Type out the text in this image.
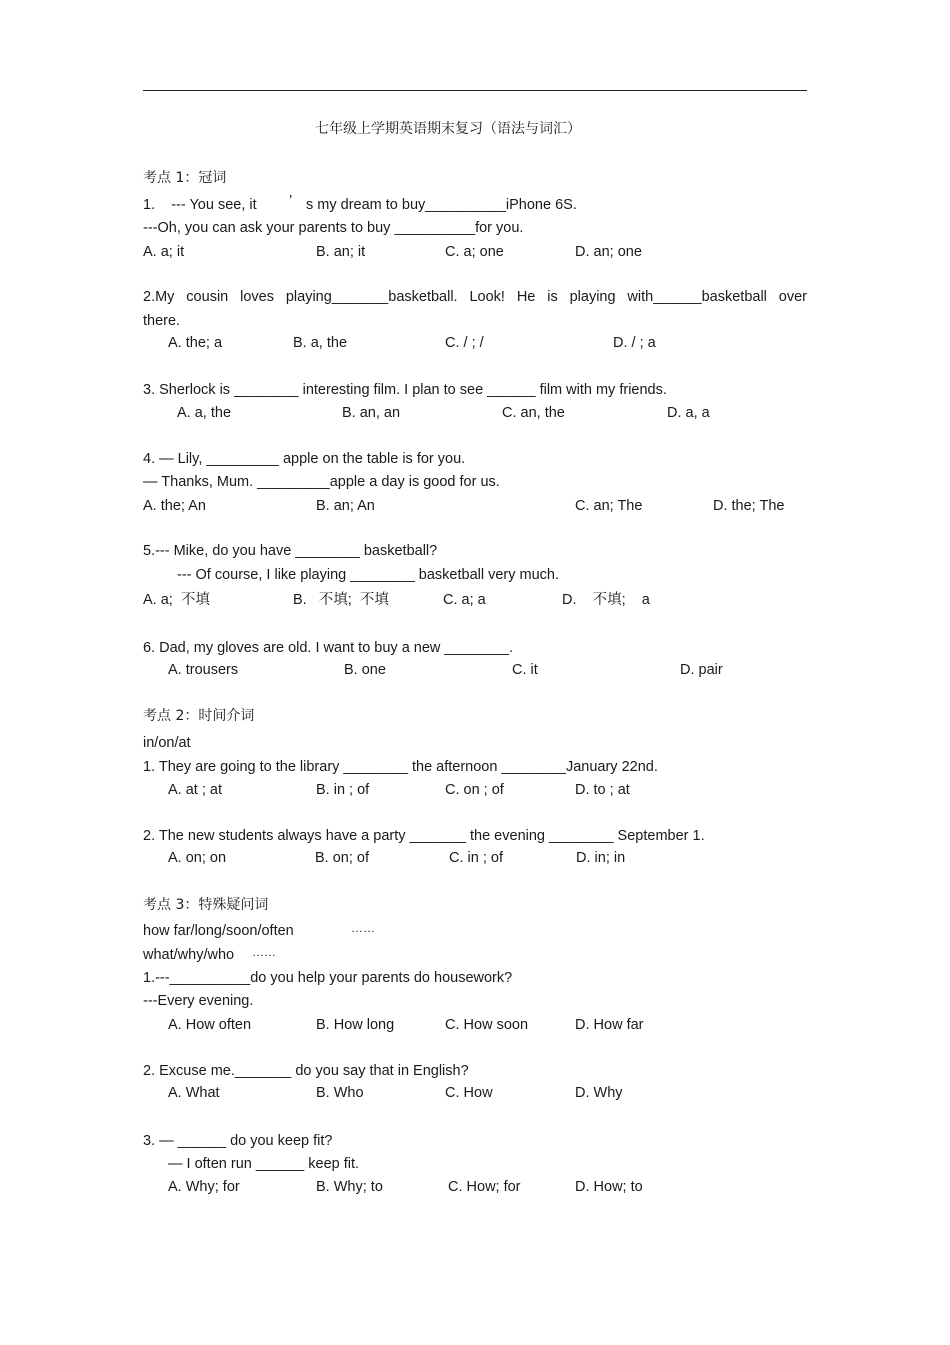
七年级上学期英语期末复习（语法与词汇）
考点 1：冠词
1.    --- You see, it ’ s my dream to buy__________iPhone 6S.
---Oh, you can ask your parents to buy __________for you.
A. a; it	B. an; it	C. a; one	D. an; one
2.My cousin loves playing_______basketball. Look! He is playing with______basketball over
there.
A. the; a	B. a, the	C. / ; /	D. / ; a
3. Sherlock is ________ interesting film. I plan to see ______ film with my friends.
A. a, the	B. an, an	C. an, the	D. a, a
4. — Lily, _________ apple on the table is for you.
— Thanks, Mum. _________apple a day is good for us.
A. the; An	B. an; An	C. an; The	D. the; The
5.--- Mike, do you have ________ basketball?
--- Of course, I like playing ________ basketball very much.
A. a;  不填	B.   不填;  不填	C. a; a	D.    不填;    a
6. Dad, my gloves are old. I want to buy a new ________.
A. trousers	B. one	C. it	D. pair
考点 2：时间介词
in/on/at
1. They are going to the library ________ the afternoon ________January 22nd.
A. at ; at	B. in ; of	C. on ; of	D. to ; at
2. The new students always have a party _______ the evening ________ September 1.
A. on; on	B. on; of	C. in ; of	D. in; in
考点 3：特殊疑问词
how far/long/soon/often	……
what/why/who ……
1.---__________do you help your parents do housework?
---Every evening.
A. How often	B. How long	C. How soon	D. How far
2. Excuse me._______ do you say that in English?
A. What	B. Who	C. How	D. Why
3. — ______ do you keep fit?
— I often run ______ keep fit.
A. Why; for	B. Why; to	C. How; for	D. How; to
